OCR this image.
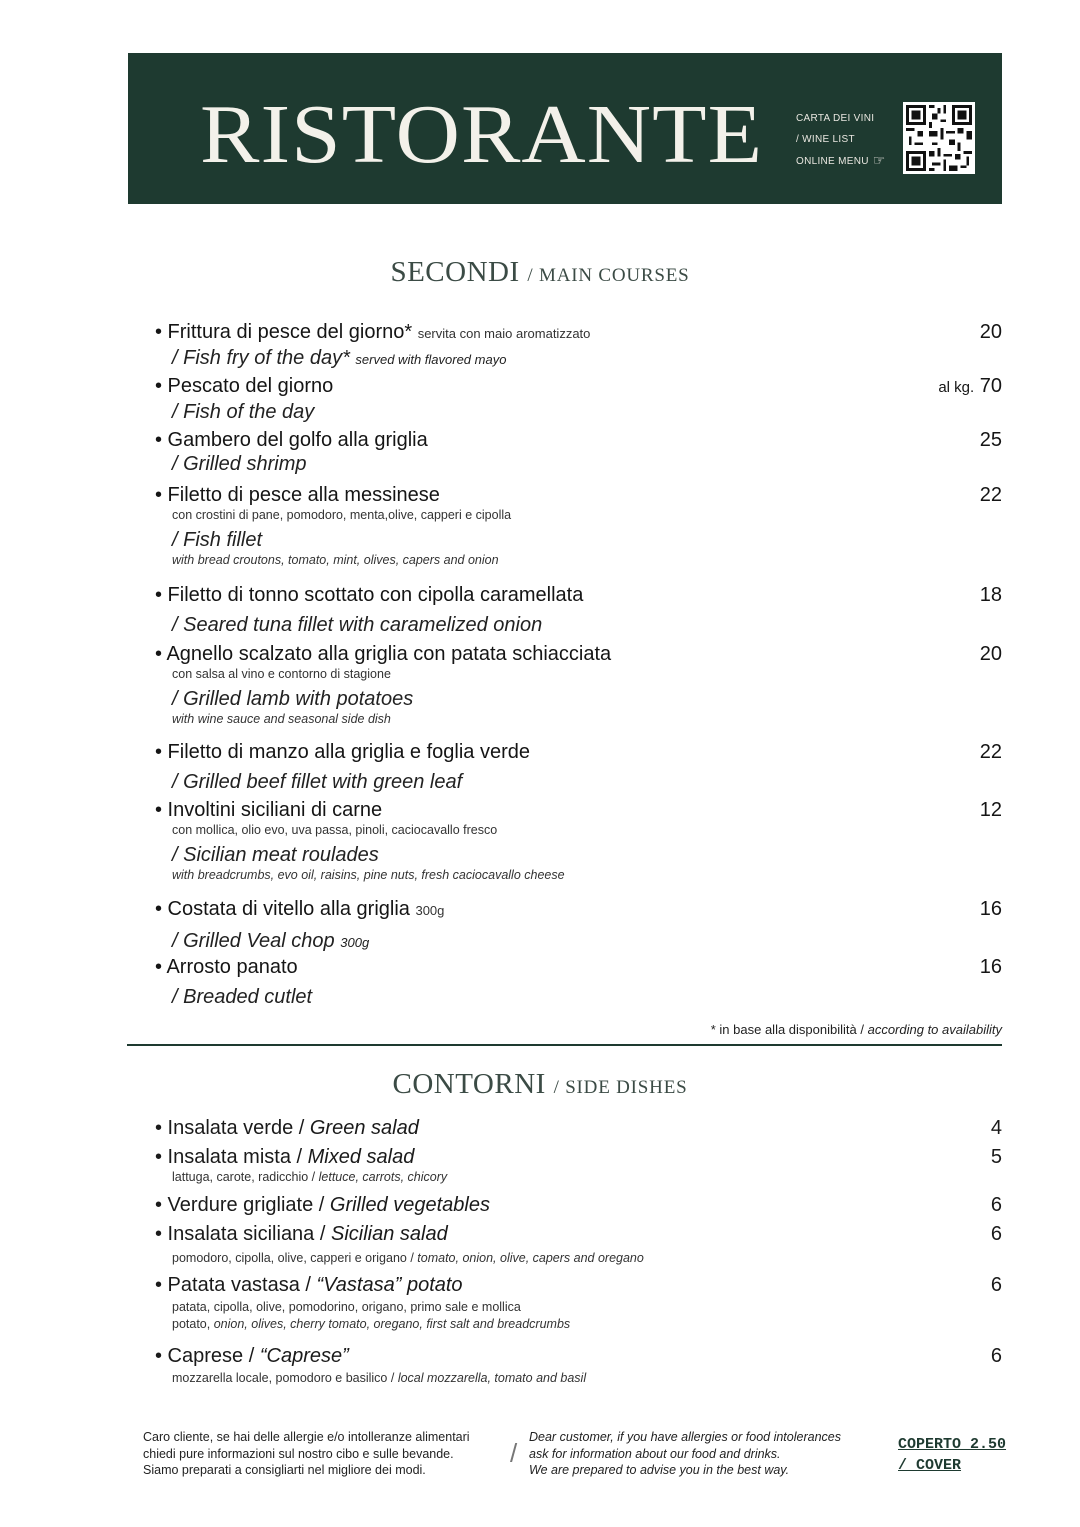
RISTORANTE	CARTA DEI VINI
/ WINE LIST
ONLINE MENU ☞
SECONDI / MAIN COURSES
• Frittura di pesce del giorno* servita con maio aromatizzato	20
/ Fish fry of the day* served with flavored mayo
• Pescato del giorno	al kg. 70
/ Fish of the day
• Gambero del golfo alla griglia	25
/ Grilled shrimp
• Filetto di pesce alla messinese	22
con crostini di pane, pomodoro, menta,olive, capperi e cipolla
/ Fish fillet
with bread croutons, tomato, mint, olives, capers and onion
• Filetto di tonno scottato con cipolla caramellata	18
/ Seared tuna fillet with caramelized onion
• Agnello scalzato alla griglia con patata schiacciata	20
con salsa al vino e contorno di stagione
/ Grilled lamb with potatoes
with wine sauce and seasonal side dish
• Filetto di manzo alla griglia e foglia verde	22
/ Grilled beef fillet with green leaf
• Involtini siciliani di carne	12
con mollica, olio evo, uva passa, pinoli, caciocavallo fresco
/ Sicilian meat roulades
with breadcrumbs, evo oil, raisins, pine nuts, fresh caciocavallo cheese
• Costata di vitello alla griglia 300g	16
/ Grilled Veal chop 300g
• Arrosto panato	16
/ Breaded cutlet
* in base alla disponibilità / according to availability
CONTORNI / SIDE DISHES
• Insalata verde / Green salad	4
• Insalata mista / Mixed salad	5
lattuga, carote, radicchio / lettuce, carrots, chicory
• Verdure grigliate / Grilled vegetables	6
• Insalata siciliana / Sicilian salad	6
pomodoro, cipolla, olive, capperi e origano / tomato, onion, olive, capers and oregano
• Patata vastasa / “Vastasa” potato	6
patata, cipolla, olive, pomodorino, origano, primo sale e mollica
potato, onion, olives, cherry tomato, oregano, first salt and breadcrumbs
• Caprese / “Caprese”	6
mozzarella locale, pomodoro e basilico / local mozzarella, tomato and basil
Caro cliente, se hai delle allergie e/o intolleranze alimentari
chiedi pure informazioni sul nostro cibo e sulle bevande.
Siamo preparati a consigliarti nel migliore dei modi.
/
Dear customer, if you have allergies or food intolerances
ask for information about our food and drinks.
We are prepared to advise you in the best way.
COPERTO 2.50
/ COVER
